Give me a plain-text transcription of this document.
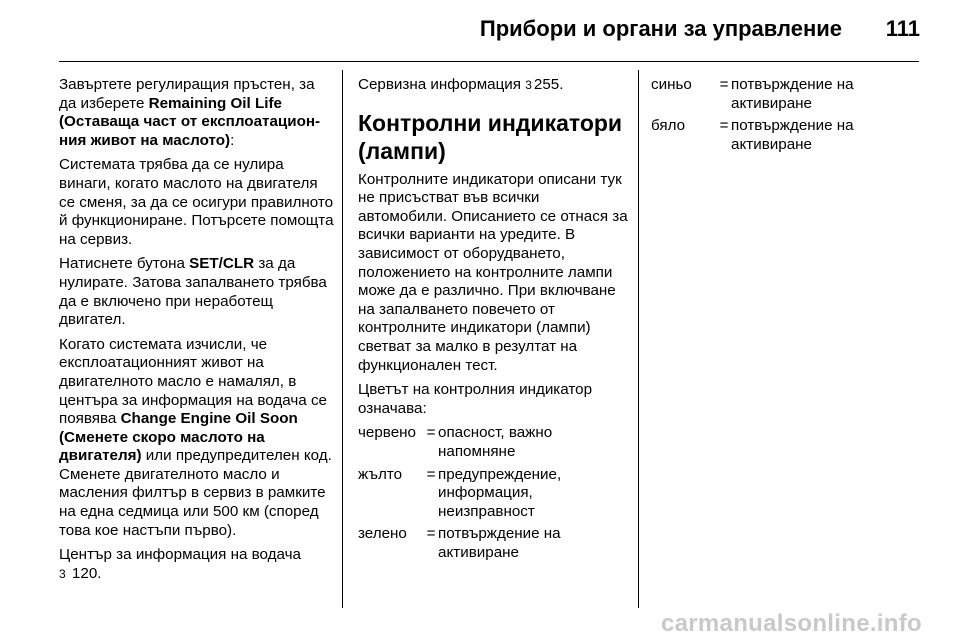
Прибори и органи за управление 111

Завъртете регулиращия пръстен, за да изберете Remaining Oil Life (Оставаща част от експлоатационния живот на маслото):

Системата трябва да се нулира винаги, когато маслото на двигателя се сменя, за да се осигури правилното й функциониране. Потърсете помощта на сервиз.

Натиснете бутона SET/CLR за да нулирате. Затова запалването трябва да е включено при неработещ двигател.

Когато системата изчисли, че експлоатационният живот на двигателното масло е намалял, в центъра за информация на водача се появява Change Engine Oil Soon (Сменете скоро маслото на двигателя) или предупредителен код. Сменете двигателното масло и масления филтър в сервиз в рамките на една седмица или 500 км (според това кое настъпи първо).

Център за информация на водача
3 120.

Сервизна информация 3 255.

Контролни индикатори (лампи)

Контролните индикатори описани тук не присъстват във всички автомобили. Описанието се отнася за всички варианти на уредите. В зависимост от оборудването, положението на контролните лампи може да е различно. При включване на запалването повечето от контролните индикатори (лампи) светват за малко в резултат на функционален тест.

Цветът на контролния индикатор означава:

червено = опасност, важно напомняне
жълто	= предупреждение, информация, неизправност
зелено	= потвърждение на активиране
синьо	= потвърждение на активиране
бяло	= потвърждение на активиране
carmanualsonline.info
